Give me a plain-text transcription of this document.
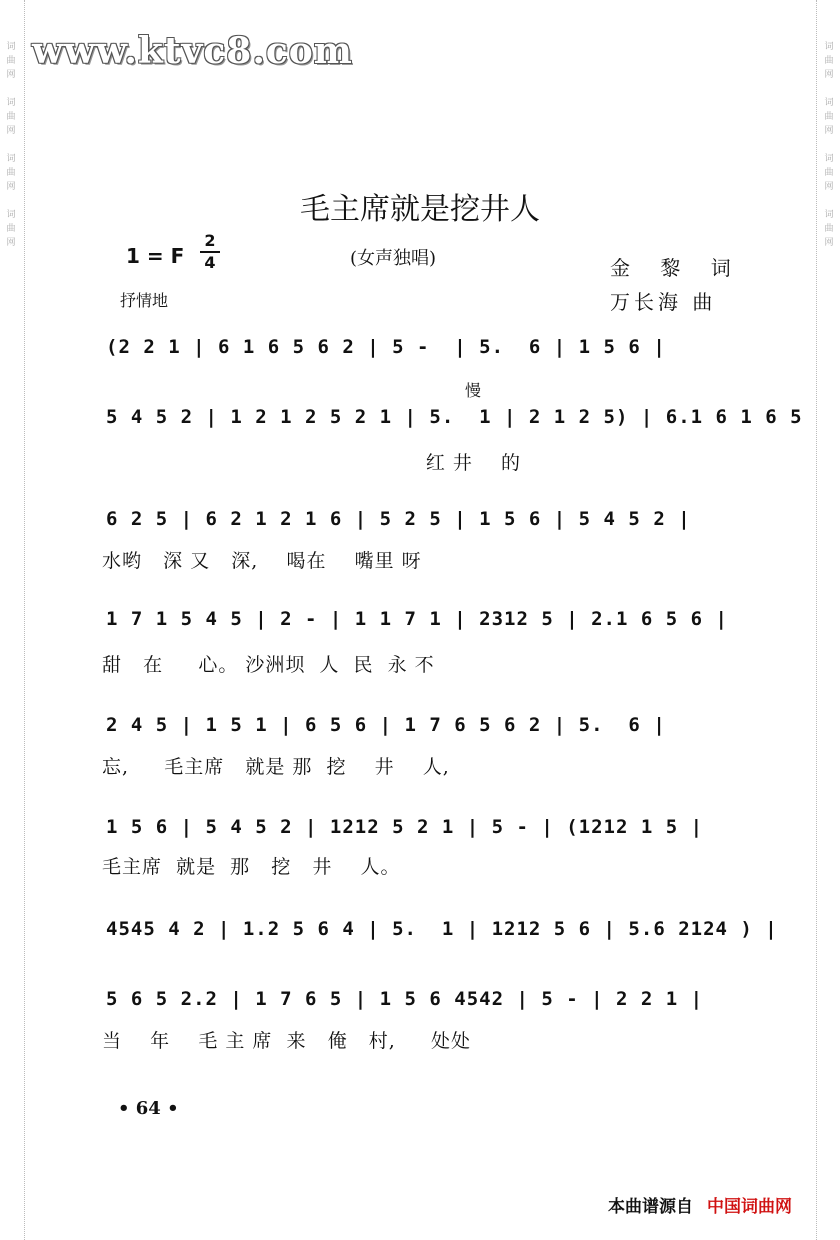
词
曲
网

词
曲
网

词
曲
网

词
曲
网
词
曲
网

词
曲
网

词
曲
网

词
曲
网
www.ktvc8.com
毛主席就是挖井人
1 = F
2
4	(女声独唱)	金 黎 词
万长海 曲
抒情地
慢
(2 2 1 | 6 1 6 5 6 2 | 5 -  | 5.  6 | 1 5 6 |
5 4 5 2 | 1 2 1 2 5 2 1 | 5.  1 | 2 1 2 5) | 6.1 6 1 6 5
红 井    的
6 2 5 | 6 2 1 2 1 6 | 5 2 5 | 1 5 6 | 5 4 5 2 |
水哟   深 又   深,    喝在    嘴里 呀
1 7 1 5 4 5 | 2 - | 1 1 7 1 | 2312 5 | 2.1 6 5 6 |
甜   在     心。 沙洲坝  人  民  永 不
2 4 5 | 1 5 1 | 6 5 6 | 1 7 6 5 6 2 | 5.  6 |
忘,     毛主席   就是 那  挖    井    人,
1 5 6 | 5 4 5 2 | 1212 5 2 1 | 5 - | (1212 1 5 |
毛主席  就是  那   挖   井    人。
4545 4 2 | 1.2 5 6 4 | 5.  1 | 1212 5 6 | 5.6 2124 ) |
5 6 5 2.2 | 1 7 6 5 | 1 5 6 4542 | 5 - | 2 2 1 |
当    年    毛 主 席  来   俺   村,     处处
• 64 •
本曲谱源自 中国词曲网
